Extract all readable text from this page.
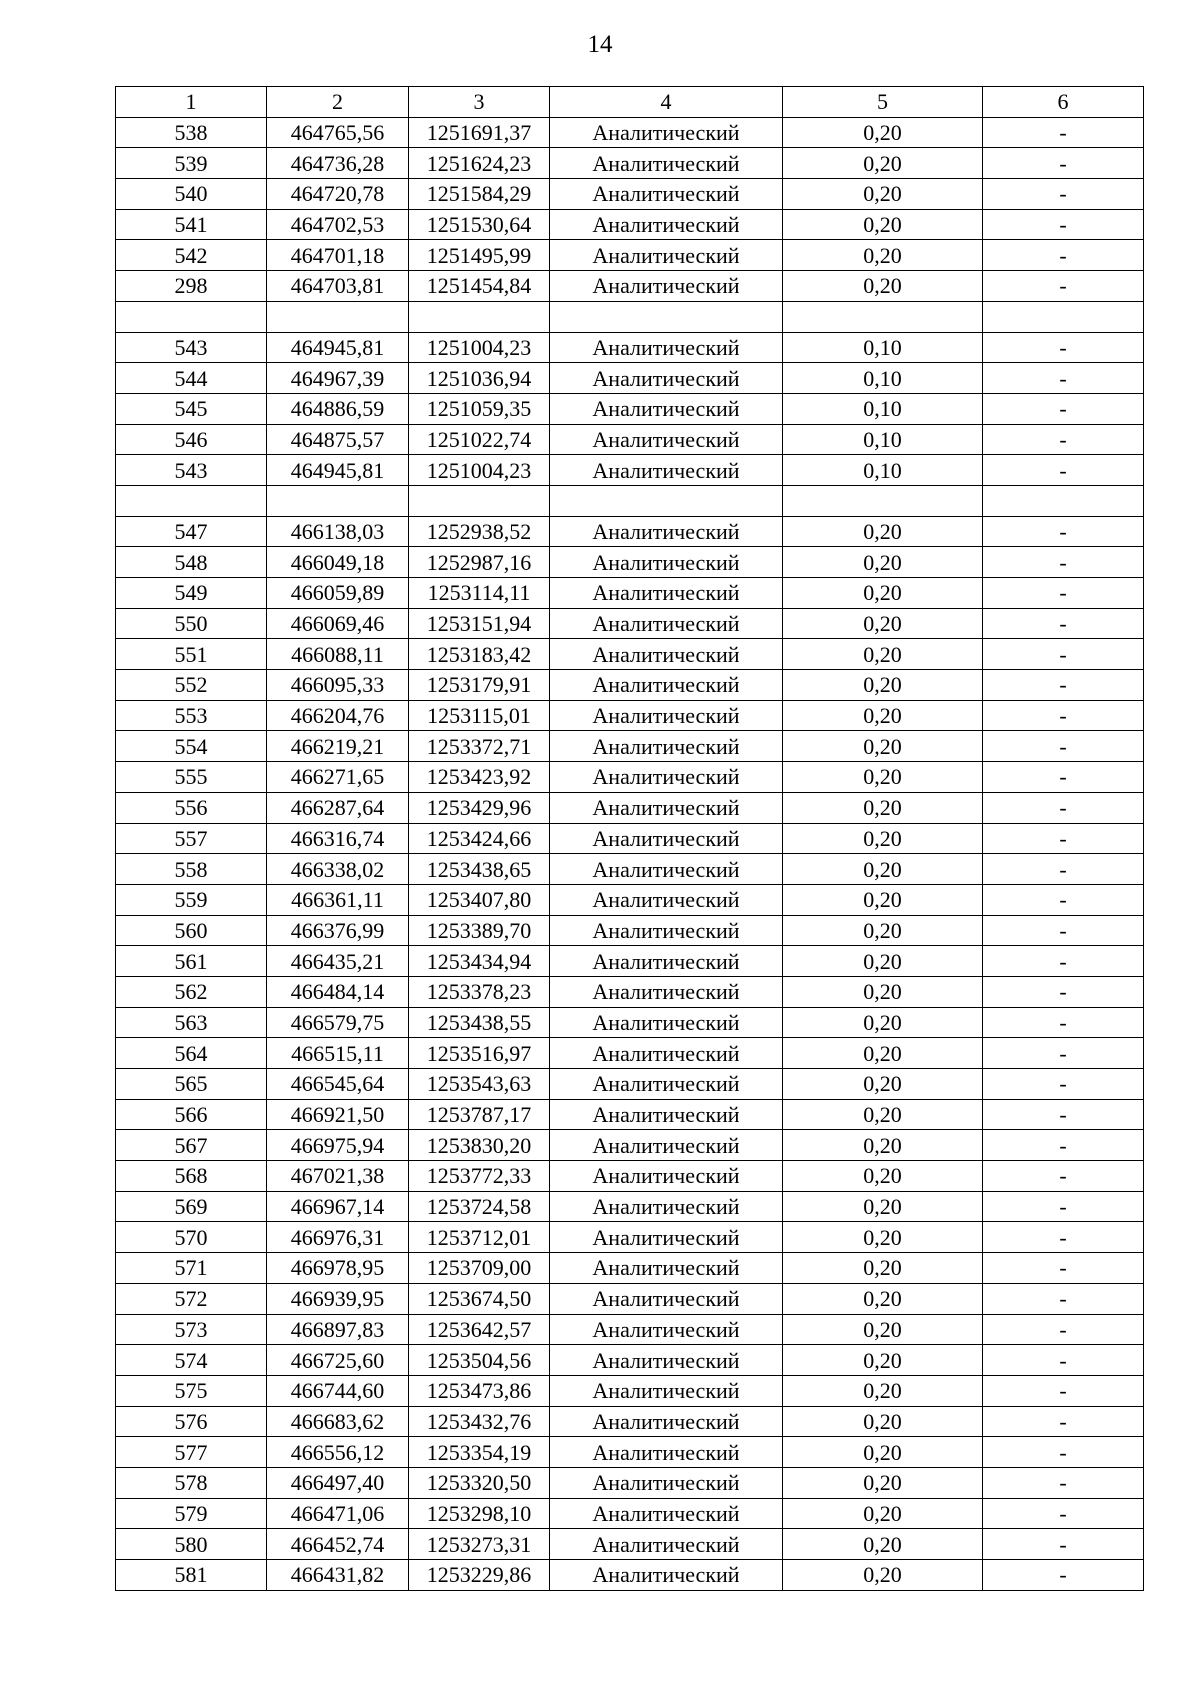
14
1	2	3	4	5	6
538	464765,56	1251691,37	Аналитический	0,20	-
539	464736,28	1251624,23	Аналитический	0,20	-
540	464720,78	1251584,29	Аналитический	0,20	-
541	464702,53	1251530,64	Аналитический	0,20	-
542	464701,18	1251495,99	Аналитический	0,20	-
298	464703,81	1251454,84	Аналитический	0,20	-

543	464945,81	1251004,23	Аналитический	0,10	-
544	464967,39	1251036,94	Аналитический	0,10	-
545	464886,59	1251059,35	Аналитический	0,10	-
546	464875,57	1251022,74	Аналитический	0,10	-
543	464945,81	1251004,23	Аналитический	0,10	-

547	466138,03	1252938,52	Аналитический	0,20	-
548	466049,18	1252987,16	Аналитический	0,20	-
549	466059,89	1253114,11	Аналитический	0,20	-
550	466069,46	1253151,94	Аналитический	0,20	-
551	466088,11	1253183,42	Аналитический	0,20	-
552	466095,33	1253179,91	Аналитический	0,20	-
553	466204,76	1253115,01	Аналитический	0,20	-
554	466219,21	1253372,71	Аналитический	0,20	-
555	466271,65	1253423,92	Аналитический	0,20	-
556	466287,64	1253429,96	Аналитический	0,20	-
557	466316,74	1253424,66	Аналитический	0,20	-
558	466338,02	1253438,65	Аналитический	0,20	-
559	466361,11	1253407,80	Аналитический	0,20	-
560	466376,99	1253389,70	Аналитический	0,20	-
561	466435,21	1253434,94	Аналитический	0,20	-
562	466484,14	1253378,23	Аналитический	0,20	-
563	466579,75	1253438,55	Аналитический	0,20	-
564	466515,11	1253516,97	Аналитический	0,20	-
565	466545,64	1253543,63	Аналитический	0,20	-
566	466921,50	1253787,17	Аналитический	0,20	-
567	466975,94	1253830,20	Аналитический	0,20	-
568	467021,38	1253772,33	Аналитический	0,20	-
569	466967,14	1253724,58	Аналитический	0,20	-
570	466976,31	1253712,01	Аналитический	0,20	-
571	466978,95	1253709,00	Аналитический	0,20	-
572	466939,95	1253674,50	Аналитический	0,20	-
573	466897,83	1253642,57	Аналитический	0,20	-
574	466725,60	1253504,56	Аналитический	0,20	-
575	466744,60	1253473,86	Аналитический	0,20	-
576	466683,62	1253432,76	Аналитический	0,20	-
577	466556,12	1253354,19	Аналитический	0,20	-
578	466497,40	1253320,50	Аналитический	0,20	-
579	466471,06	1253298,10	Аналитический	0,20	-
580	466452,74	1253273,31	Аналитический	0,20	-
581	466431,82	1253229,86	Аналитический	0,20	-
